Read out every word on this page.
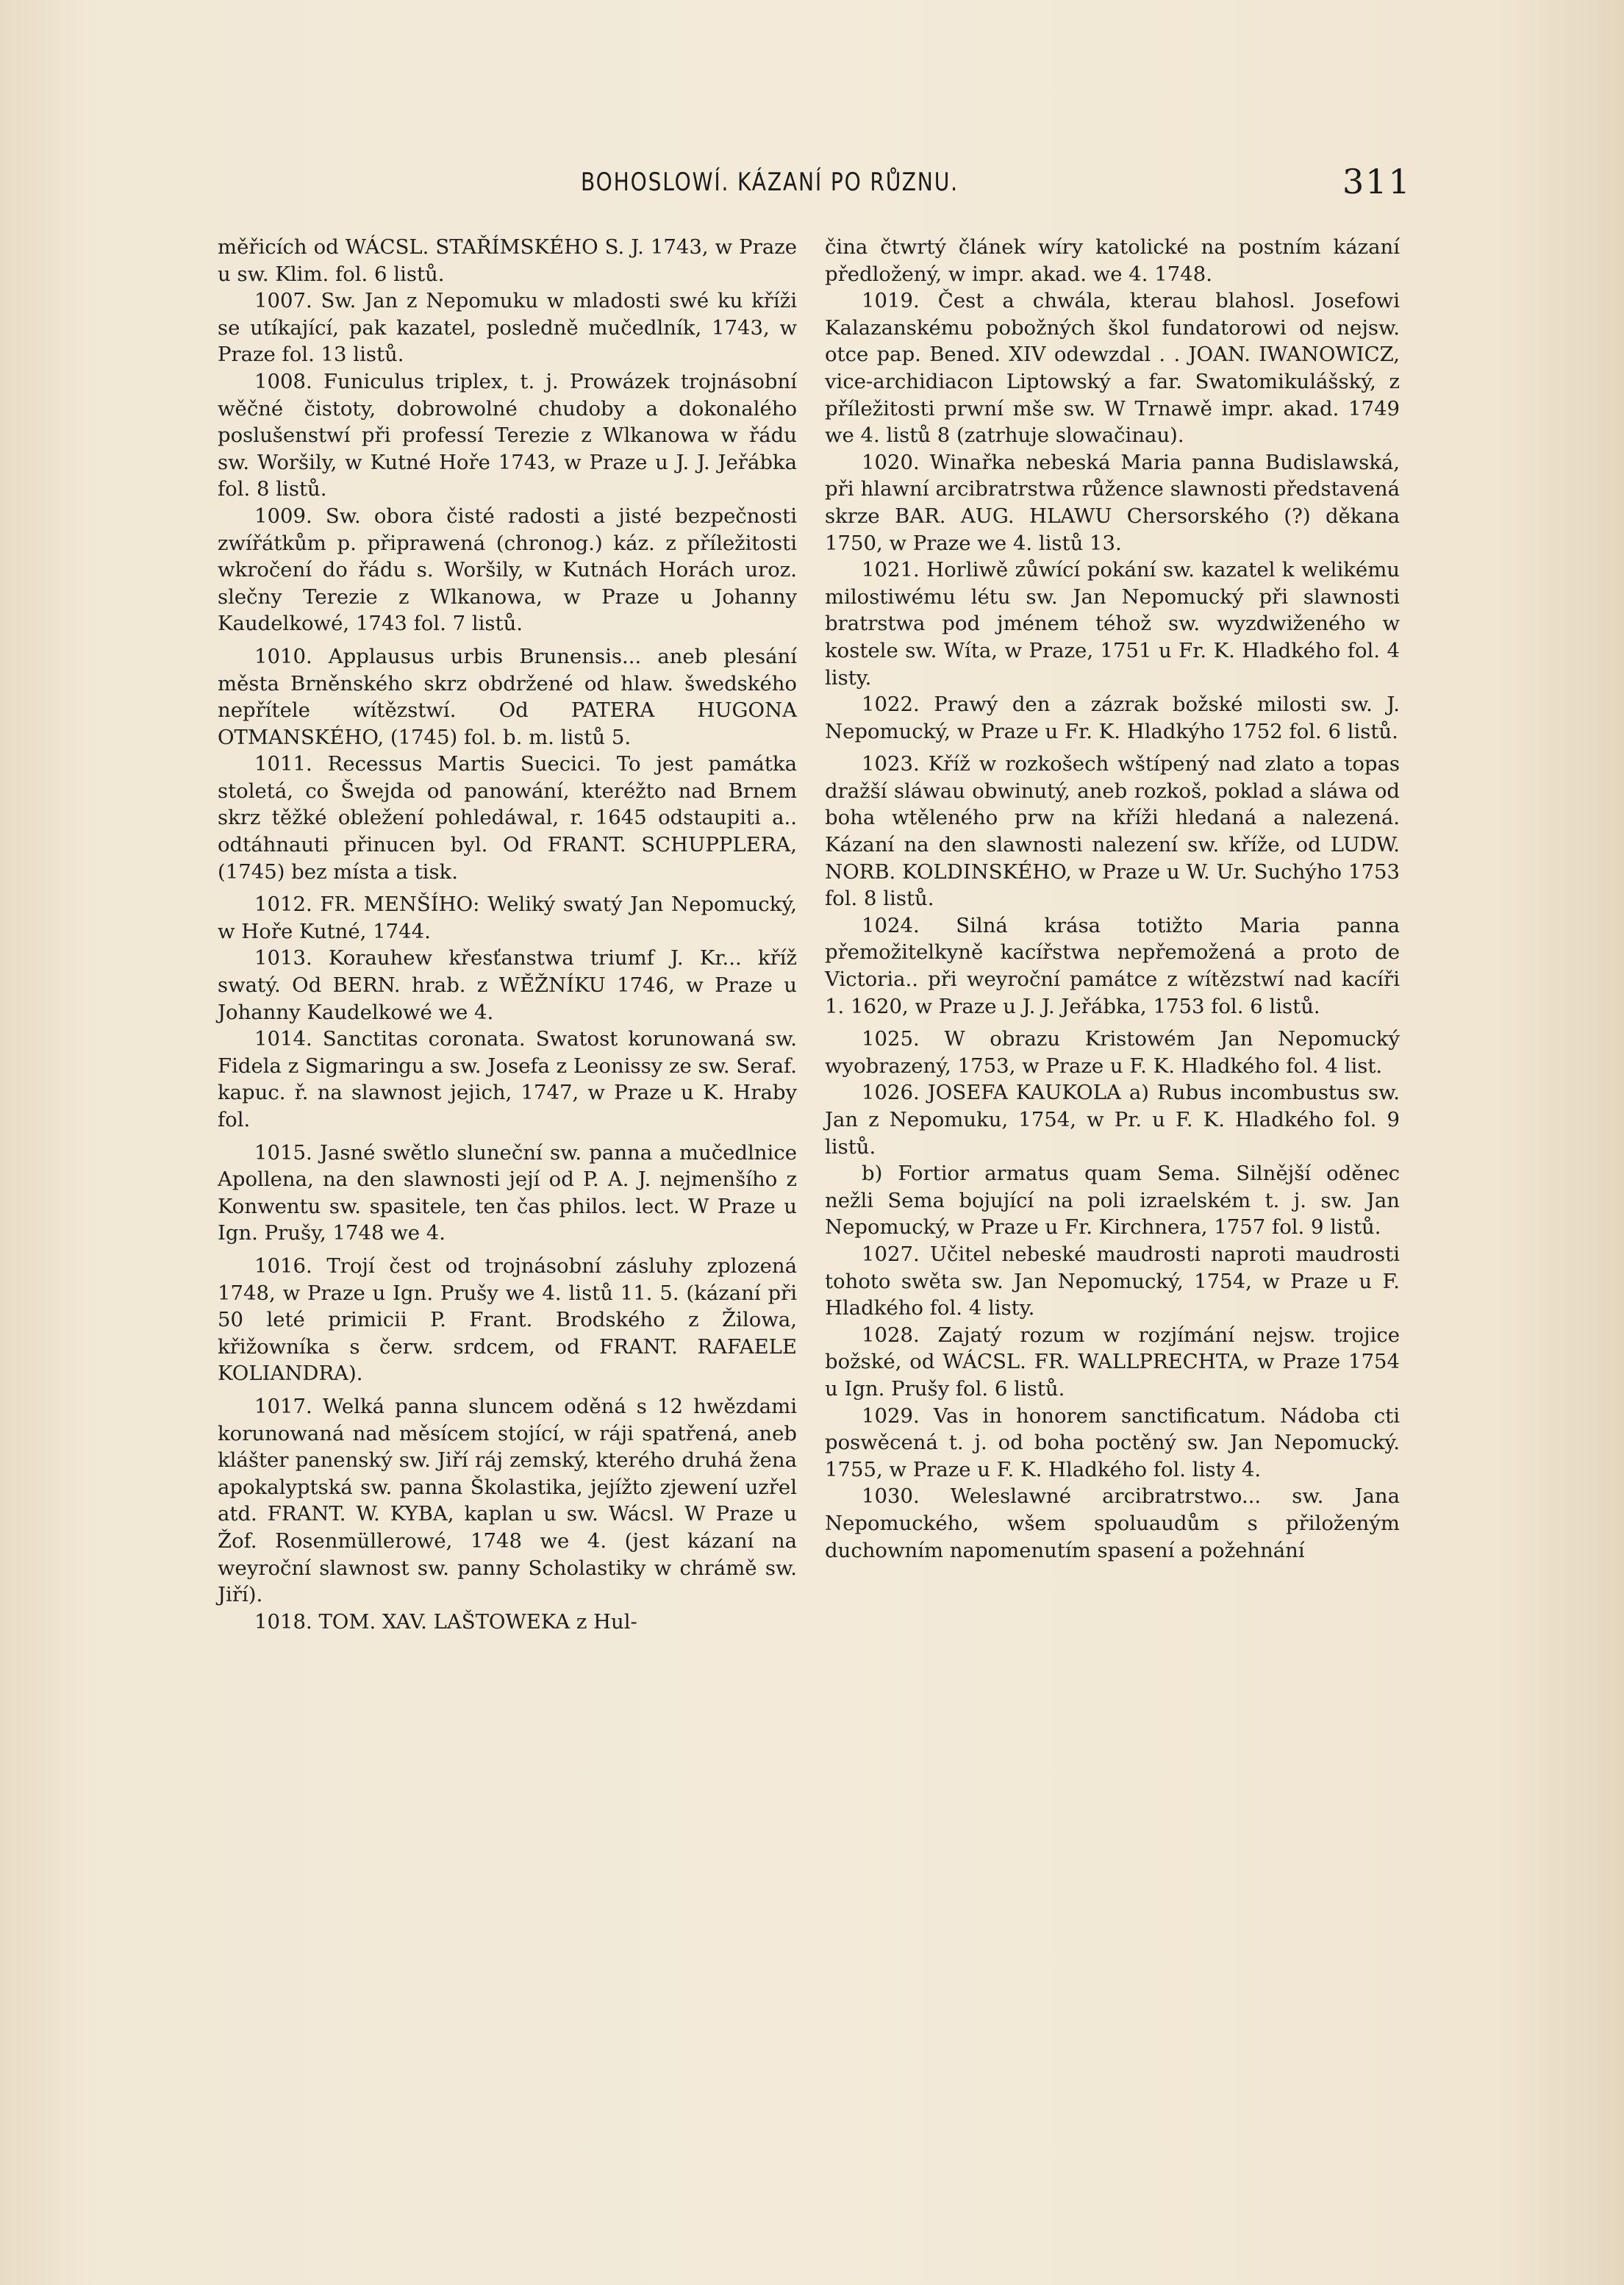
BOHOSLOWÍ. KÁZANÍ PO RŮZNU.	311

měřicích od WÁCSL. STAŘÍMSKÉHO S. J. 1743, w Praze u sw. Klim. fol. 6 listů.

1007. Sw. Jan z Nepomuku w mladosti swé ku kříži se utíkající, pak kazatel, posledně mučedlník, 1743, w Praze fol. 13 listů.

1008. Funiculus triplex, t. j. Prowázek trojnásobní wěčné čistoty, dobrowolné chudoby a dokonalého poslušenstwí při professí Terezie z Wlkanowa w řádu sw. Woršily, w Kutné Hoře 1743, w Praze u J. J. Jeřábka fol. 8 listů.

1009. Sw. obora čisté radosti a jisté bezpečnosti zwířátkům p. připrawená (chronog.) káz. z příležitosti wkročení do řádu s. Woršily, w Kutnách Horách uroz. slečny Terezie z Wlkanowa, w Praze u Johanny Kaudelkowé, 1743 fol. 7 listů.

1010. Applausus urbis Brunensis... aneb plesání města Brněnského skrz obdržené od hlaw. šwedského nepřítele wítězstwí. Od PATERA HUGONA OTMANSKÉHO, (1745) fol. b. m. listů 5.

1011. Recessus Martis Suecici. To jest památka stoletá, co Šwejda od panowání, kteréžto nad Brnem skrz těžké obležení pohledáwal, r. 1645 odstaupiti a.. odtáhnauti přinucen byl. Od FRANT. SCHUPPLERA, (1745) bez místa a tisk.

1012. FR. MENŠÍHO: Weliký swatý Jan Nepomucký, w Hoře Kutné, 1744.

1013. Korauhew křesťanstwa triumf J. Kr... kříž swatý. Od BERN. hrab. z WĚŽNÍKU 1746, w Praze u Johanny Kaudelkowé we 4.

1014. Sanctitas coronata. Swatost korunowaná sw. Fidela z Sigmaringu a sw. Josefa z Leonissy ze sw. Seraf. kapuc. ř. na slawnost jejich, 1747, w Praze u K. Hraby fol.

1015. Jasné swětlo sluneční sw. panna a mučedlnice Apollena, na den slawnosti její od P. A. J. nejmenšího z Konwentu sw. spasitele, ten čas philos. lect. W Praze u Ign. Prušy, 1748 we 4.

1016. Trojí čest od trojnásobní zásluhy zplozená 1748, w Praze u Ign. Prušy we 4. listů 11. 5. (kázaní při 50 leté primicii P. Frant. Brodského z Žilowa, křižowníka s čerw. srdcem, od FRANT. RAFAELE KOLIANDRA).

1017. Welká panna sluncem oděná s 12 hwězdami korunowaná nad měsícem stojící, w ráji spatřená, aneb klášter panenský sw. Jiří ráj zemský, kterého druhá žena apokalyptská sw. panna Školastika, jejížto zjewení uzřel atd. FRANT. W. KYBA, kaplan u sw. Wácsl. W Praze u Žof. Rosenmüllerowé, 1748 we 4. (jest kázaní na weyroční slawnost sw. panny Scholastiky w chrámě sw. Jiří).

1018. TOM. XAV. LAŠTOWEKA z Hul-

čina čtwrtý článek wíry katolické na postním kázaní předložený, w impr. akad. we 4. 1748.

1019. Čest a chwála, kterau blahosl. Josefowi Kalazanskému pobožných škol fundatorowi od nejsw. otce pap. Bened. XIV odewzdal . . JOAN. IWANOWICZ, vice-archidiacon Liptowský a far. Swatomikulášský, z příležitosti prwní mše sw. W Trnawě impr. akad. 1749 we 4. listů 8 (zatrhuje slowačinau).

1020. Winařka nebeská Maria panna Budislawská, při hlawní arcibratrstwa růžence slawnosti představená skrze BAR. AUG. HLAWU Chersorského (?) děkana 1750, w Praze we 4. listů 13.

1021. Horliwě zůwící pokání sw. kazatel k welikému milostiwému létu sw. Jan Nepomucký při slawnosti bratrstwa pod jménem téhož sw. wyzdwiženého w kostele sw. Wíta, w Praze, 1751 u Fr. K. Hladkého fol. 4 listy.

1022. Prawý den a zázrak božské milosti sw. J. Nepomucký, w Praze u Fr. K. Hladkýho 1752 fol. 6 listů.

1023. Kříž w rozkošech wštípený nad zlato a topas dražší sláwau obwinutý, aneb rozkoš, poklad a sláwa od boha wtěleného prw na kříži hledaná a nalezená. Kázaní na den slawnosti nalezení sw. kříže, od LUDW. NORB. KOLDINSKÉHO, w Praze u W. Ur. Suchýho 1753 fol. 8 listů.

1024. Silná krása totižto Maria panna přemožitelkyně kacířstwa nepřemožená a proto de Victoria.. při weyroční památce z wítězstwí nad kacíři 1. 1620, w Praze u J. J. Jeřábka, 1753 fol. 6 listů.

1025. W obrazu Kristowém Jan Nepomucký wyobrazený, 1753, w Praze u F. K. Hladkého fol. 4 list.

1026. JOSEFA KAUKOLA a) Rubus incombustus sw. Jan z Nepomuku, 1754, w Pr. u F. K. Hladkého fol. 9 listů.

b) Fortior armatus quam Sema. Silnější oděnec nežli Sema bojující na poli izraelském t. j. sw. Jan Nepomucký, w Praze u Fr. Kirchnera, 1757 fol. 9 listů.

1027. Učitel nebeské maudrosti naproti maudrosti tohoto swěta sw. Jan Nepomucký, 1754, w Praze u F. Hladkého fol. 4 listy.

1028. Zajatý rozum w rozjímání nejsw. trojice božské, od WÁCSL. FR. WALLPRECHTA, w Praze 1754 u Ign. Prušy fol. 6 listů.

1029. Vas in honorem sanctificatum. Nádoba cti poswěcená t. j. od boha poctěný sw. Jan Nepomucký. 1755, w Praze u F. K. Hladkého fol. listy 4.

1030. Weleslawné arcibratrstwo... sw. Jana Nepomuckého, wšem spoluaudům s přiloženým duchowním napomenutím spasení a požehnání
